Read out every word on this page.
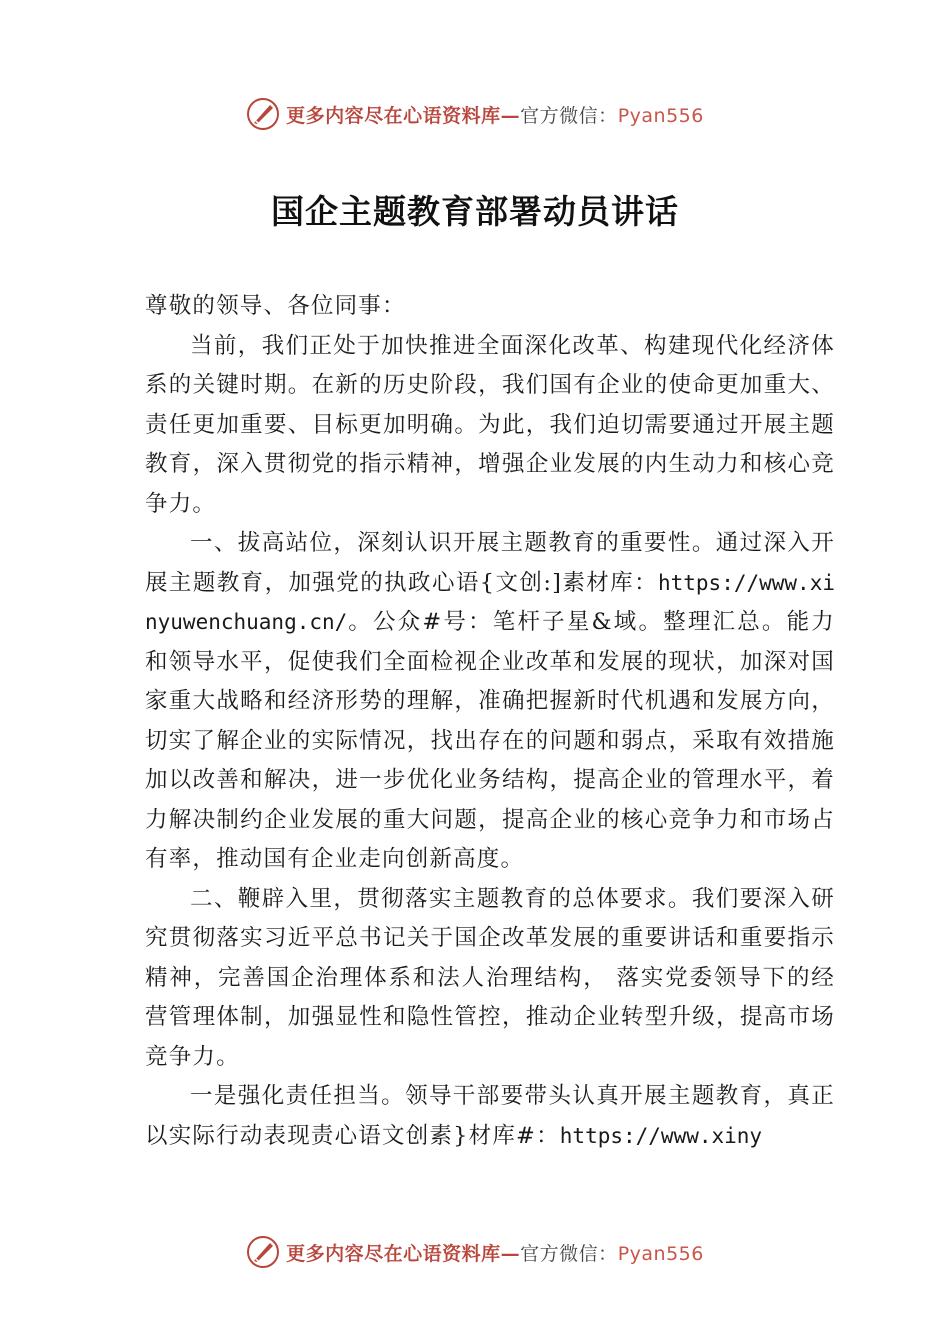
更多内容尽在心语资料库—官方微信：Pyan556
国企主题教育部署动员讲话

尊敬的领导、各位同事：

当前，我们正处于加快推进全面深化改革、构建现代化经济体系的关键时期。在新的历史阶段，我们国有企业的使命更加重大、责任更加重要、目标更加明确。为此，我们迫切需要通过开展主题教育，深入贯彻党的指示精神，增强企业发展的内生动力和核心竞争力。

一、拔高站位，深刻认识开展主题教育的重要性。通过深入开展主题教育，加强党的执政心语{文创:]素材库：https://www.xinyuwenchuang.cn/。公众#号：笔杆子星&域。整理汇总。能力和领导水平，促使我们全面检视企业改革和发展的现状，加深对国家重大战略和经济形势的理解，准确把握新时代机遇和发展方向，切实了解企业的实际情况，找出存在的问题和弱点，采取有效措施加以改善和解决，进一步优化业务结构，提高企业的管理水平，着力解决制约企业发展的重大问题，提高企业的核心竞争力和市场占有率，推动国有企业走向创新高度。

二、鞭辟入里，贯彻落实主题教育的总体要求。我们要深入研究贯彻落实习近平总书记关于国企改革发展的重要讲话和重要指示精神，完善国企治理体系和法人治理结构， 落实党委领导下的经营管理体制，加强显性和隐性管控，推动企业转型升级，提高市场竞争力。

一是强化责任担当。领导干部要带头认真开展主题教育，真正以实际行动表现责心语文创素}材库#：https://www.xiny

更多内容尽在心语资料库—官方微信：Pyan556
